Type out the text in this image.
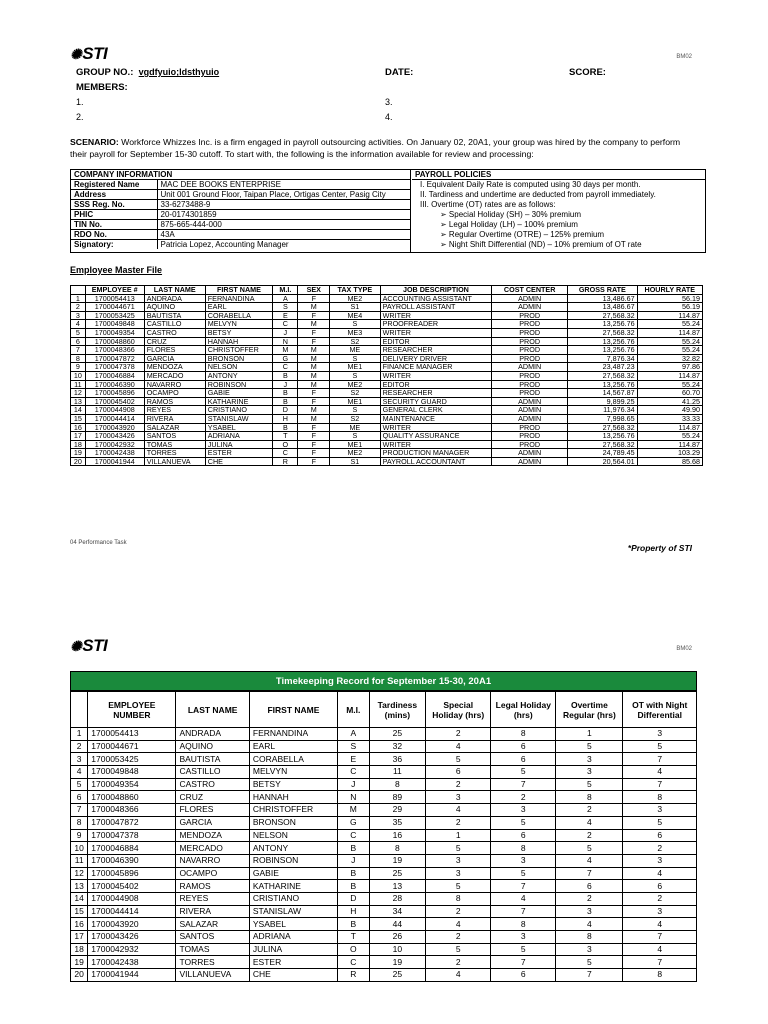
✺STI	BM02
GROUP NO.: vgdfyuio;ldsthyuio	DATE:	SCORE:
MEMBERS:
1.	3.
2.	4.
SCENARIO: Workforce Whizzes Inc. is a firm engaged in payroll outsourcing activities. On January 02, 20A1, your group was hired by the company to perform their payroll for September 15-30 cutoff. To start with, the following is the information available for review and processing:
COMPANY INFORMATION	
Registered Name	MAC DEE BOOKS ENTERPRISE
Address	Unit 001 Ground Floor, Taipan Place, Ortigas Center, Pasig City
SSS Reg. No.	33-6273488-9
PHIC	20-0174301859
TIN No.	875-665-444-000
RDO No.	43A
Signatory:	Patricia Lopez, Accounting Manager
PAYROLL POLICIES
I. Equivalent Daily Rate is computed using 30 days per month.
II. Tardiness and undertime are deducted from payroll immediately.
III. Overtime (OT) rates are as follows:
➢ Special Holiday (SH) – 30% premium
➢ Legal Holiday (LH) – 100% premium
➢ Regular Overtime (OTRE) – 125% premium
➢ Night Shift Differential (ND) – 10% premium of OT rate
Employee Master File
	EMPLOYEE #	LAST NAME	FIRST NAME	M.I.	SEX	TAX TYPE	JOB DESCRIPTION	COST CENTER	GROSS RATE	HOURLY RATE
1	1700054413	ANDRADA	FERNANDINA	A	F	ME2	ACCOUNTING ASSISTANT	ADMIN	13,486.67	56.19
2	1700044671	AQUINO	EARL	S	M	S1	PAYROLL ASSISTANT	ADMIN	13,486.67	56.19
3	1700053425	BAUTISTA	CORABELLA	E	F	ME4	WRITER	PROD	27,568.32	114.87
4	1700049848	CASTILLO	MELVYN	C	M	S	PROOFREADER	PROD	13,256.76	55.24
5	1700049354	CASTRO	BETSY	J	F	ME3	WRITER	PROD	27,568.32	114.87
6	1700048860	CRUZ	HANNAH	N	F	S2	EDITOR	PROD	13,256.76	55.24
7	1700048366	FLORES	CHRISTOFFER	M	M	ME	RESEARCHER	PROD	13,256.76	55.24
8	1700047872	GARCIA	BRONSON	G	M	S	DELIVERY DRIVER	PROD	7,876.34	32.82
9	1700047378	MENDOZA	NELSON	C	M	ME1	FINANCE MANAGER	ADMIN	23,487.23	97.86
10	1700046884	MERCADO	ANTONY	B	M	S	WRITER	PROD	27,568.32	114.87
11	1700046390	NAVARRO	ROBINSON	J	M	ME2	EDITOR	PROD	13,256.76	55.24
12	1700045896	OCAMPO	GABIE	B	F	S2	RESEARCHER	PROD	14,567.87	60.70
13	1700045402	RAMOS	KATHARINE	B	F	ME1	SECURITY GUARD	ADMIN	9,899.25	41.25
14	1700044908	REYES	CRISTIANO	D	M	S	GENERAL CLERK	ADMIN	11,976.34	49.90
15	1700044414	RIVERA	STANISLAW	H	M	S2	MAINTENANCE	ADMIN	7,998.65	33.33
16	1700043920	SALAZAR	YSABEL	B	F	ME	WRITER	PROD	27,568.32	114.87
17	1700043426	SANTOS	ADRIANA	T	F	S	QUALITY ASSURANCE	PROD	13,256.76	55.24
18	1700042932	TOMAS	JULINA	O	F	ME1	WRITER	PROD	27,568.32	114.87
19	1700042438	TORRES	ESTER	C	F	ME2	PRODUCTION MANAGER	ADMIN	24,789.45	103.29
20	1700041944	VILLANUEVA	CHE	R	F	S1	PAYROLL ACCOUNTANT	ADMIN	20,564.01	85.68
04 Performance Task	*Property of STI
✺STI	BM02
Timekeeping Record for September 15-30, 20A1
	EMPLOYEE NUMBER	LAST NAME	FIRST NAME	M.I.	Tardiness (mins)	Special Holiday (hrs)	Legal Holiday (hrs)	Overtime Regular (hrs)	OT with Night Differential
1	1700054413	ANDRADA	FERNANDINA	A	25	2	8	1	3
2	1700044671	AQUINO	EARL	S	32	4	6	5	5
3	1700053425	BAUTISTA	CORABELLA	E	36	5	6	3	7
4	1700049848	CASTILLO	MELVYN	C	11	6	5	3	4
5	1700049354	CASTRO	BETSY	J	8	2	7	5	7
6	1700048860	CRUZ	HANNAH	N	89	3	2	8	8
7	1700048366	FLORES	CHRISTOFFER	M	29	4	3	2	3
8	1700047872	GARCIA	BRONSON	G	35	2	5	4	5
9	1700047378	MENDOZA	NELSON	C	16	1	6	2	6
10	1700046884	MERCADO	ANTONY	B	8	5	8	5	2
11	1700046390	NAVARRO	ROBINSON	J	19	3	3	4	3
12	1700045896	OCAMPO	GABIE	B	25	3	5	7	4
13	1700045402	RAMOS	KATHARINE	B	13	5	7	6	6
14	1700044908	REYES	CRISTIANO	D	28	8	4	2	2
15	1700044414	RIVERA	STANISLAW	H	34	2	7	3	3
16	1700043920	SALAZAR	YSABEL	B	44	4	8	4	4
17	1700043426	SANTOS	ADRIANA	T	26	2	3	8	7
18	1700042932	TOMAS	JULINA	O	10	5	5	3	4
19	1700042438	TORRES	ESTER	C	19	2	7	5	7
20	1700041944	VILLANUEVA	CHE	R	25	4	6	7	8
